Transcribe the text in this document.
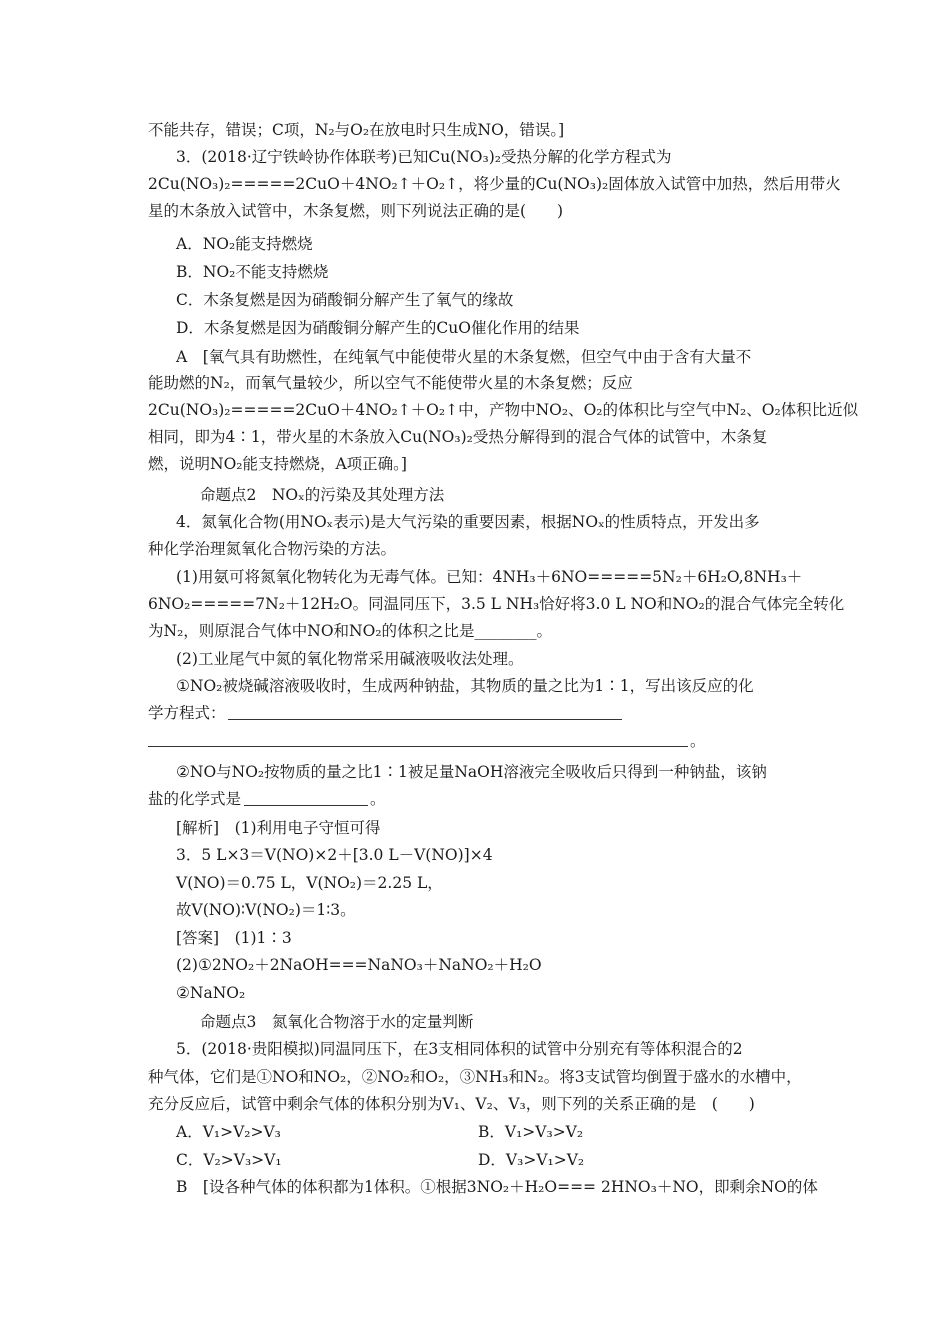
不能共存，错误；C项，N₂与O₂在放电时只生成NO，错误。]
3．(2018·辽宁铁岭协作体联考)已知Cu(NO₃)₂受热分解的化学方程式为
2Cu(NO₃)₂=====2CuO＋4NO₂↑＋O₂↑，将少量的Cu(NO₃)₂固体放入试管中加热，然后用带火
星的木条放入试管中，木条复燃，则下列说法正确的是(　　)
A．NO₂能支持燃烧
B．NO₂不能支持燃烧
C．木条复燃是因为硝酸铜分解产生了氧气的缘故
D．木条复燃是因为硝酸铜分解产生的CuO催化作用的结果
A　[氧气具有助燃性，在纯氧气中能使带火星的木条复燃，但空气中由于含有大量不
能助燃的N₂，而氧气量较少，所以空气不能使带火星的木条复燃；反应
2Cu(NO₃)₂=====2CuO＋4NO₂↑＋O₂↑中，产物中NO₂、O₂的体积比与空气中N₂、O₂体积比近似
相同，即为4∶1，带火星的木条放入Cu(NO₃)₂受热分解得到的混合气体的试管中，木条复
燃，说明NO₂能支持燃烧，A项正确。]
命题点2　NOₓ的污染及其处理方法
4．氮氧化合物(用NOₓ表示)是大气污染的重要因素，根据NOₓ的性质特点，开发出多
种化学治理氮氧化合物污染的方法。
(1)用氨可将氮氧化物转化为无毒气体。已知：4NH₃＋6NO=====5N₂＋6H₂O,8NH₃＋
6NO₂=====7N₂＋12H₂O。同温同压下，3.5 L NH₃恰好将3.0 L NO和NO₂的混合气体完全转化
为N₂，则原混合气体中NO和NO₂的体积之比是________。
(2)工业尾气中氮的氧化物常采用碱液吸收法处理。
①NO₂被烧碱溶液吸收时，生成两种钠盐，其物质的量之比为1∶1，写出该反应的化
学方程式：
。
②NO与NO₂按物质的量之比1∶1被足量NaOH溶液完全吸收后只得到一种钠盐，该钠
盐的化学式是	。
[解析]　(1)利用电子守恒可得
3．5 L×3＝V(NO)×2＋[3.0 L－V(NO)]×4
V(NO)＝0.75 L，V(NO₂)＝2.25 L，
故V(NO)∶V(NO₂)＝1∶3。
[答案]　(1)1∶3
(2)①2NO₂＋2NaOH===NaNO₃＋NaNO₂＋H₂O
②NaNO₂
命题点3　氮氧化合物溶于水的定量判断
5．(2018·贵阳模拟)同温同压下，在3支相同体积的试管中分别充有等体积混合的2
种气体，它们是①NO和NO₂，②NO₂和O₂，③NH₃和N₂。将3支试管均倒置于盛水的水槽中，
充分反应后，试管中剩余气体的体积分别为V₁、V₂、V₃，则下列的关系正确的是　(　　)
A．V₁>V₂>V₃	B．V₁>V₃>V₂
C．V₂>V₃>V₁	D．V₃>V₁>V₂
B　[设各种气体的体积都为1体积。①根据3NO₂＋H₂O=== 2HNO₃＋NO，即剩余NO的体
